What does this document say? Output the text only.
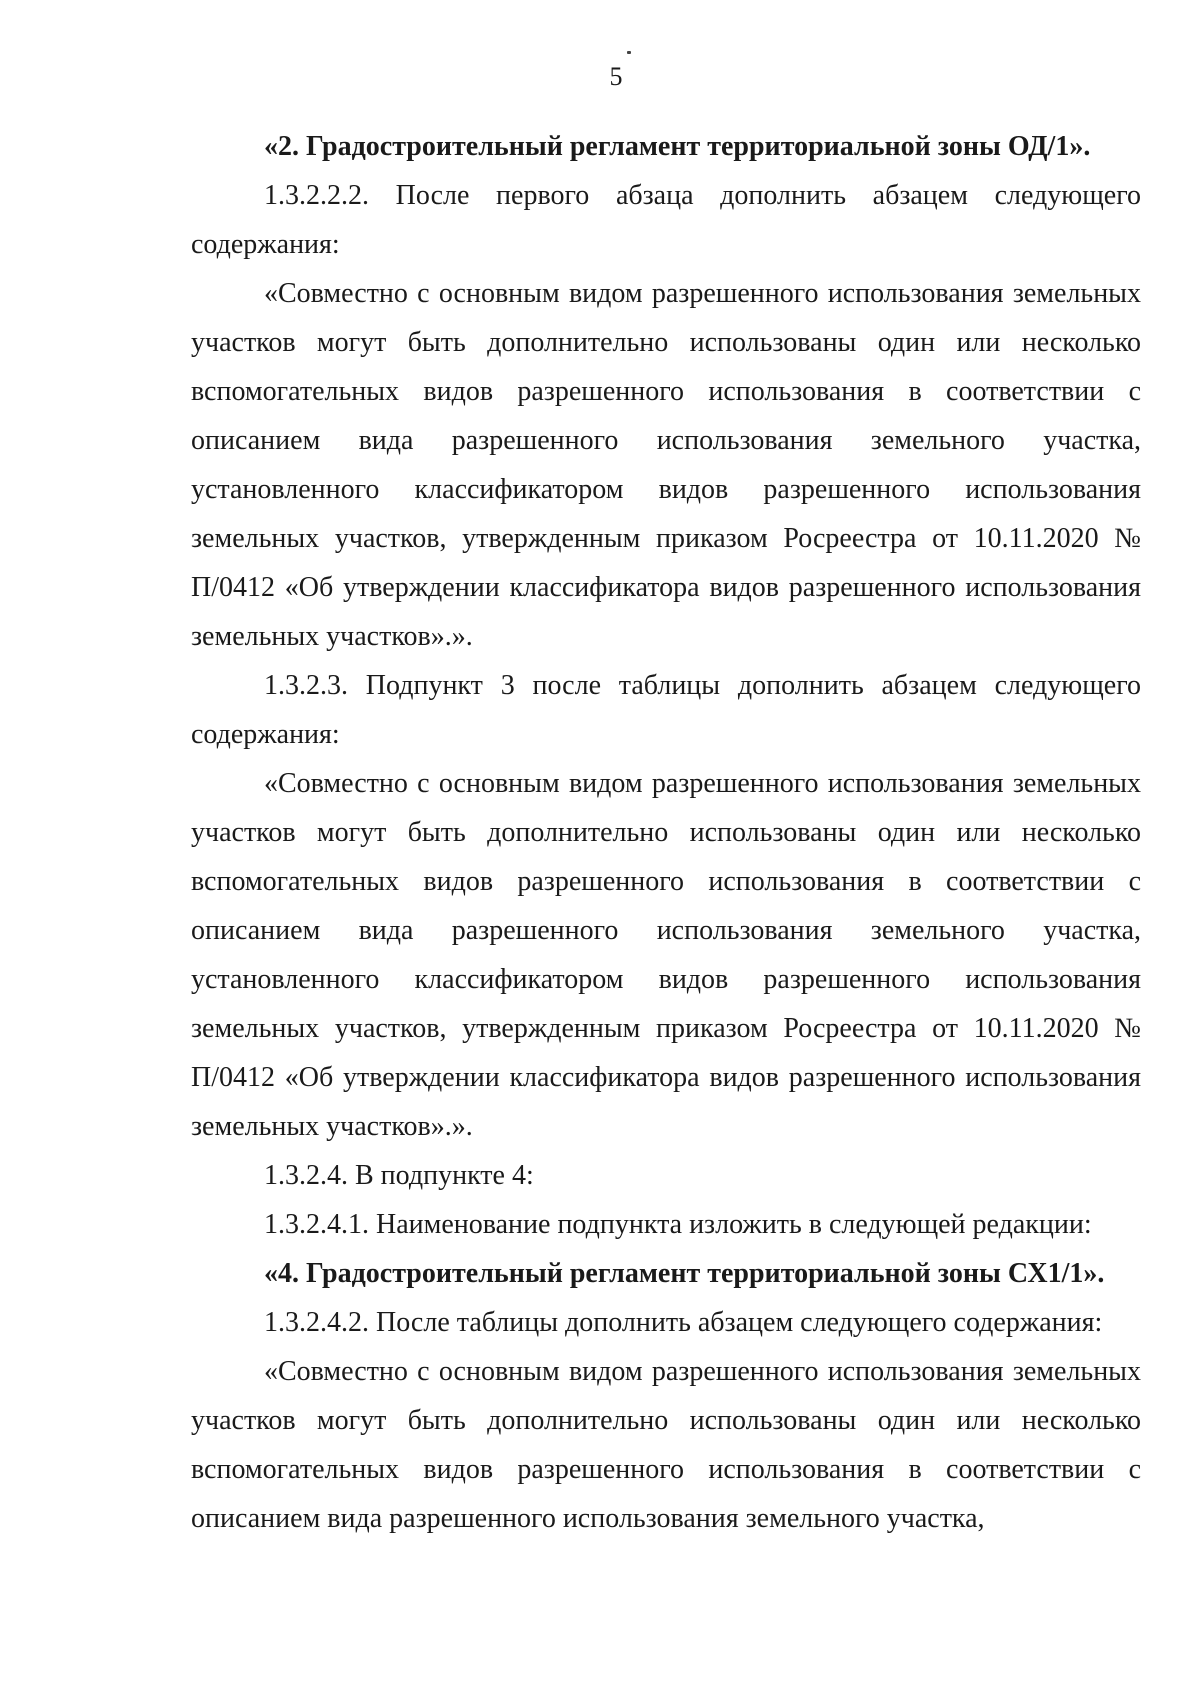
5

«2. Градостроительный регламент территориальной зоны ОД/1».

1.3.2.2.2. После первого абзаца дополнить абзацем следующего содержания:

«Совместно с основным видом разрешенного использования земельных участков могут быть дополнительно использованы один или несколько вспомогательных видов разрешенного использования в соответствии с описанием вида разрешенного использования земельного участка, установленного классификатором видов разрешенного использования земельных участков, утвержденным приказом Росреестра от 10.11.2020 № П/0412 «Об утверждении классификатора видов разрешенного использования земельных участков».».

1.3.2.3. Подпункт 3 после таблицы дополнить абзацем следующего содержания:

«Совместно с основным видом разрешенного использования земельных участков могут быть дополнительно использованы один или несколько вспомогательных видов разрешенного использования в соответствии с описанием вида разрешенного использования земельного участка, установленного классификатором видов разрешенного использования земельных участков, утвержденным приказом Росреестра от 10.11.2020 № П/0412 «Об утверждении классификатора видов разрешенного использования земельных участков».».

1.3.2.4. В подпункте 4:

1.3.2.4.1. Наименование подпункта изложить в следующей редакции:

«4. Градостроительный регламент территориальной зоны СХ1/1».

1.3.2.4.2. После таблицы дополнить абзацем следующего содержания:

«Совместно с основным видом разрешенного использования земельных участков могут быть дополнительно использованы один или несколько вспомогательных видов разрешенного использования в соответствии с описанием вида разрешенного использования земельного участка,
